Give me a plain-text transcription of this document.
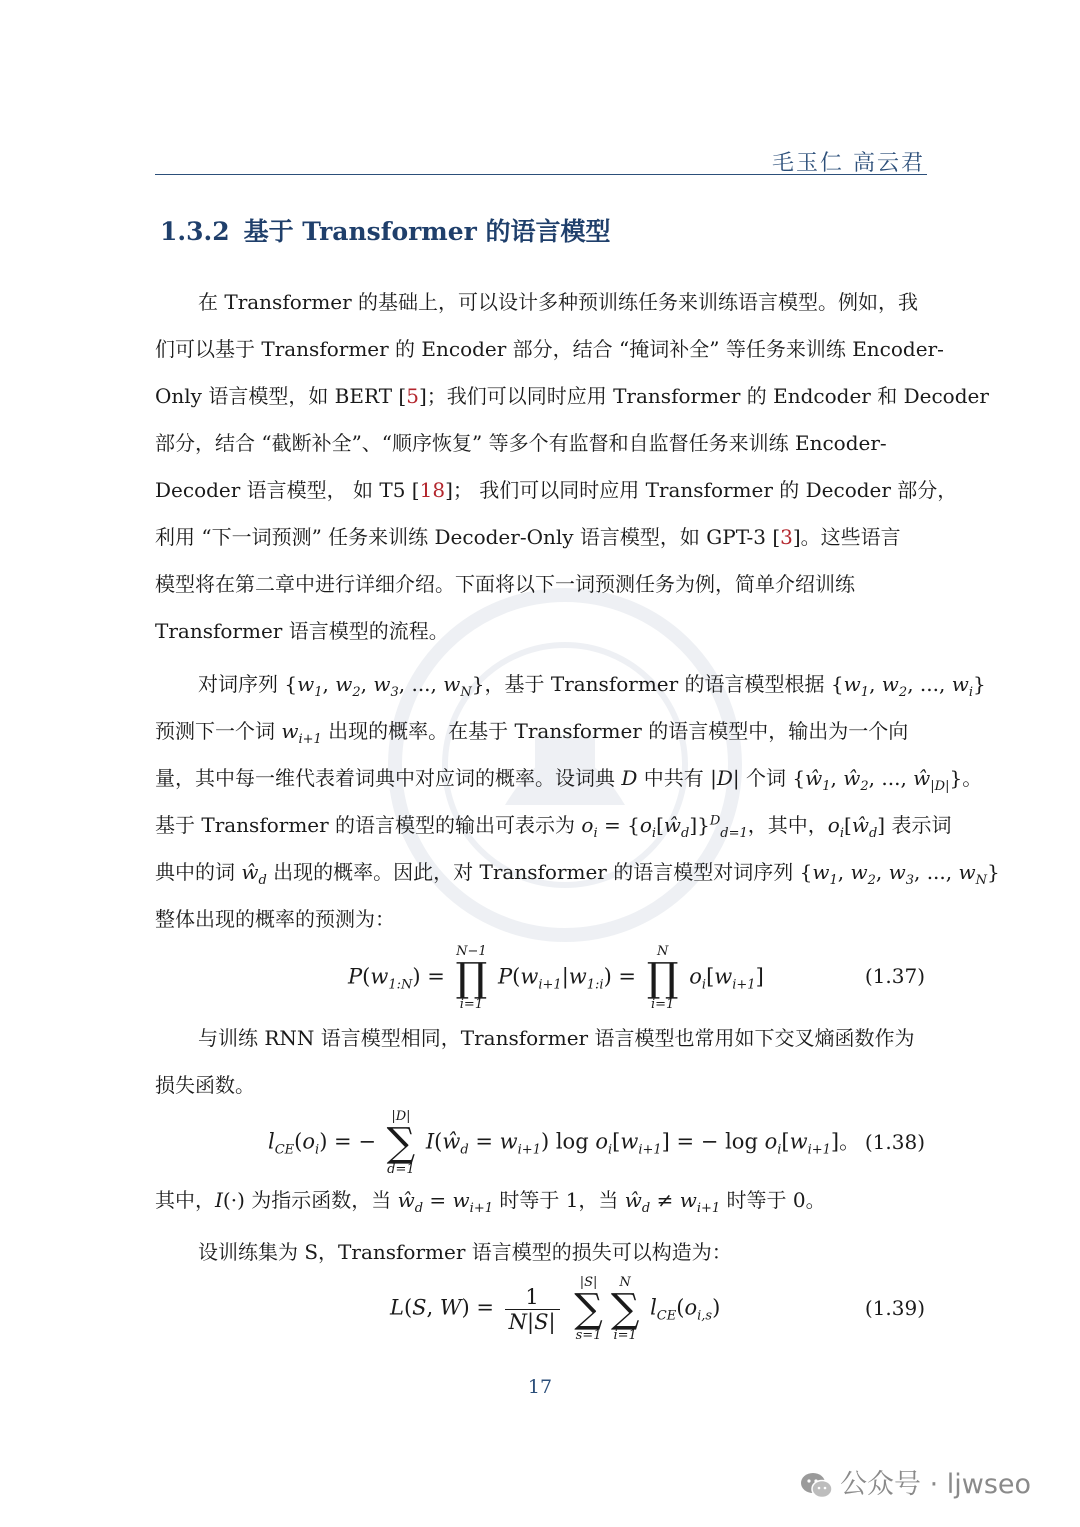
毛玉仁 高云君
1.3.2 基于 Transformer 的语言模型
在 Transformer 的基础上，可以设计多种预训练任务来训练语言模型。例如，我
们可以基于 Transformer 的 Encoder 部分，结合 “掩词补全” 等任务来训练 Encoder-
Only 语言模型，如 BERT [5]；我们可以同时应用 Transformer 的 Endcoder 和 Decoder
部分，结合 “截断补全”、“顺序恢复” 等多个有监督和自监督任务来训练 Encoder-
Decoder 语言模型， 如 T5 [18]； 我们可以同时应用 Transformer 的 Decoder 部分，
利用 “下一词预测” 任务来训练 Decoder-Only 语言模型，如 GPT-3 [3]。这些语言
模型将在第二章中进行详细介绍。下面将以下一词预测任务为例，简单介绍训练
Transformer 语言模型的流程。
对词序列 {$w_1$, $w_2$, $w_3$, ..., $w_N$}，基于 Transformer 的语言模型根据 {$w_1$, $w_2$, ..., $w_i$}
预测下一个词 $w_{i+1}$ 出现的概率。在基于 Transformer 的语言模型中，输出为一个向
量，其中每一维代表着词典中对应词的概率。设词典 D 中共有 |D| 个词 {$ŵ_1$, $ŵ_2$, ..., $ŵ_{|D|}$}。
基于 Transformer 的语言模型的输出可表示为 $o_i$ = $\{o_i[ŵ_d]\}^D_{d=1}$，其中，$o_i[ŵ_d]$ 表示词
典中的词 $ŵ_d$ 出现的概率。因此，对 Transformer 的语言模型对词序列 {$w_1$, $w_2$, $w_3$, ..., $w_N$}
整体出现的概率的预测为：
$P(w_{1:N}) = N-1$
∏
i=1 $P(w_{i+1}|w_{1:i}) = N$
∏
i=1 $o_i[w_{i+1}]$	(1.37)
与训练 RNN 语言模型相同，Transformer 语言模型也常用如下交叉熵函数作为
损失函数。
$l_{CE}(o_i)$ = − |D|
∑
d=1 $I(ŵ_d = w_{i+1})$ $\log o_i[w_{i+1}]$ = − $\log o_i[w_{i+1}]$。 (1.38)
其中，I(·) 为指示函数，当 $ŵ_d = w_{i+1}$ 时等于 1，当 $ŵ_d \ne w_{i+1}$ 时等于 0。
设训练集为 S，Transformer 语言模型的损失可以构造为：
L(S, $W) = \frac{1}{N|S|}$
|S|
∑
s=1N
∑
i=1 $l_{CE}(o_{i,s})$	(1.39)
17
公众号 · ljwseo
